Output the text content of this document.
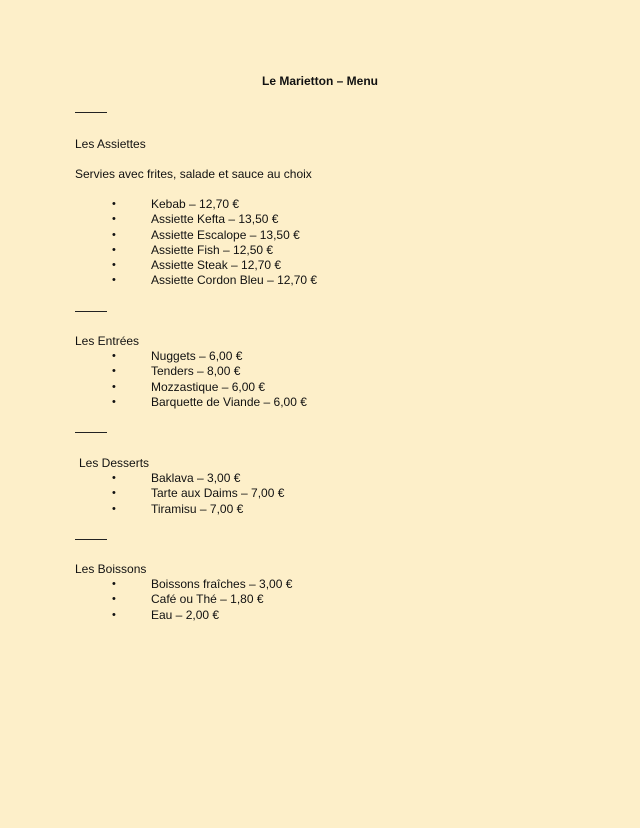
Le Marietton – Menu
Les Assiettes
Servies avec frites, salade et sauce au choix
•	Kebab – 12,70 €
•	Assiette Kefta – 13,50 €
•	Assiette Escalope – 13,50 €
•	Assiette Fish – 12,50 €
•	Assiette Steak – 12,70 €
•	Assiette Cordon Bleu – 12,70 €
Les Entrées
•	Nuggets – 6,00 €
•	Tenders – 8,00 €
•	Mozzastique – 6,00 €
•	Barquette de Viande – 6,00 €
Les Desserts
•	Baklava – 3,00 €
•	Tarte aux Daims – 7,00 €
•	Tiramisu – 7,00 €
Les Boissons
•	Boissons fraîches – 3,00 €
•	Café ou Thé – 1,80 €
•	Eau – 2,00 €
